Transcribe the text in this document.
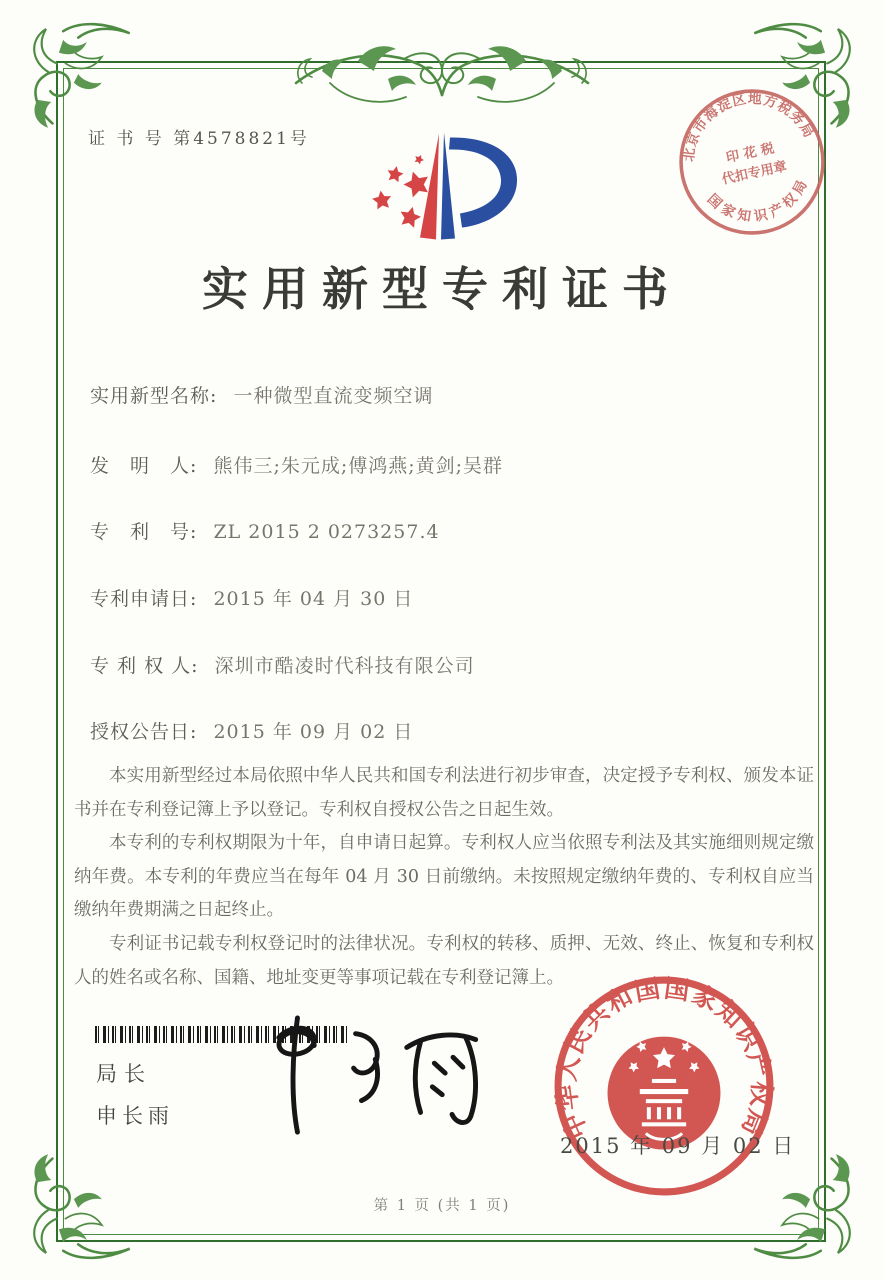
证 书 号 第4578821号
北京市海淀区地方税务局
国家知识产权局
印 花 税
代扣专用章
实用新型专利证书
实用新型名称: 一种微型直流变频空调
发　明　人: 熊伟三;朱元成;傅鸿燕;黄剑;吴群
专　利　号: ZL 2015 2 0273257.4
专利申请日: 2015 年 04 月 30 日
专 利 权 人: 深圳市酷凌时代科技有限公司
授权公告日: 2015 年 09 月 02 日

本实用新型经过本局依照中华人民共和国专利法进行初步审查，决定授予专利权、颁发本证书并在专利登记簿上予以登记。专利权自授权公告之日起生效。

本专利的专利权期限为十年，自申请日起算。专利权人应当依照专利法及其实施细则规定缴纳年费。本专利的年费应当在每年 04 月 30 日前缴纳。未按照规定缴纳年费的、专利权自应当缴纳年费期满之日起终止。

专利证书记载专利权登记时的法律状况。专利权的转移、质押、无效、终止、恢复和专利权人的姓名或名称、国籍、地址变更等事项记载在专利登记簿上。

局长
申长雨	中华人民共和国国家知识产权局
2015 年 09 月 02 日
第 1 页 (共 1 页)
